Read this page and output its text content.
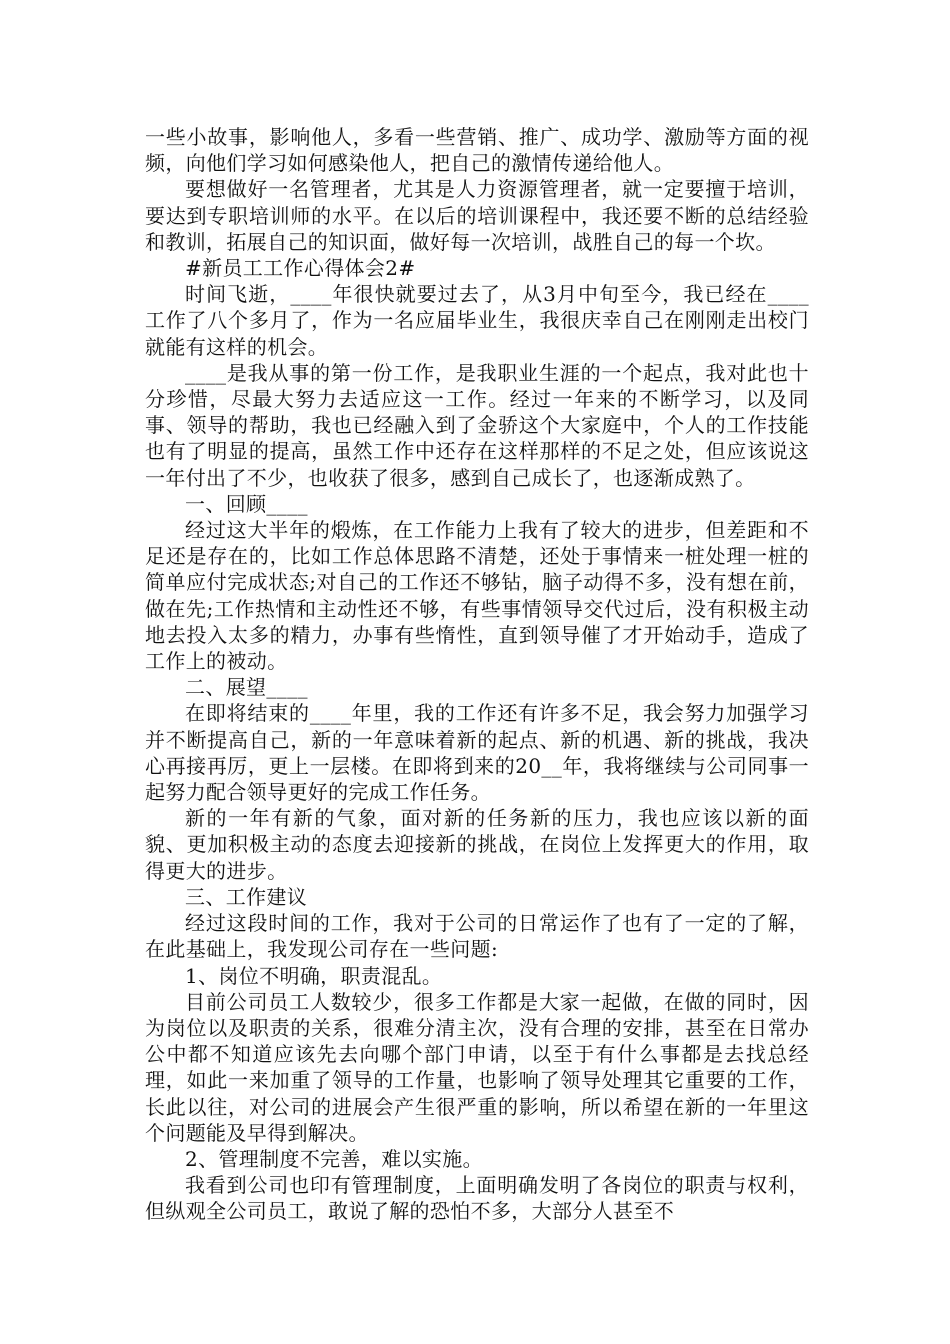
一些小故事，影响他人，多看一些营销、推广、成功学、激励等方面的视频，向他们学习如何感染他人，把自己的激情传递给他人。

要想做好一名管理者，尤其是人力资源管理者，就一定要擅于培训，要达到专职培训师的水平。在以后的培训课程中，我还要不断的总结经验和教训，拓展自己的知识面，做好每一次培训，战胜自己的每一个坎。

#新员工工作心得体会2#

时间飞逝，____年很快就要过去了，从3月中旬至今，我已经在____工作了八个多月了，作为一名应届毕业生，我很庆幸自己在刚刚走出校门就能有这样的机会。

____是我从事的第一份工作，是我职业生涯的一个起点，我对此也十分珍惜，尽最大努力去适应这一工作。经过一年来的不断学习，以及同事、领导的帮助，我也已经融入到了金骄这个大家庭中，个人的工作技能也有了明显的提高，虽然工作中还存在这样那样的不足之处，但应该说这一年付出了不少，也收获了很多，感到自己成长了，也逐渐成熟了。

一、回顾____

经过这大半年的煅炼，在工作能力上我有了较大的进步，但差距和不足还是存在的，比如工作总体思路不清楚，还处于事情来一桩处理一桩的简单应付完成状态;对自己的工作还不够钻，脑子动得不多，没有想在前，做在先;工作热情和主动性还不够，有些事情领导交代过后，没有积极主动地去投入太多的精力，办事有些惰性，直到领导催了才开始动手，造成了工作上的被动。

二、展望____

在即将结束的____年里，我的工作还有许多不足，我会努力加强学习并不断提高自己，新的一年意味着新的起点、新的机遇、新的挑战，我决心再接再厉，更上一层楼。在即将到来的20__年，我将继续与公司同事一起努力配合领导更好的完成工作任务。

新的一年有新的气象，面对新的任务新的压力，我也应该以新的面貌、更加积极主动的态度去迎接新的挑战，在岗位上发挥更大的作用，取得更大的进步。

三、工作建议

经过这段时间的工作，我对于公司的日常运作了也有了一定的了解，在此基础上，我发现公司存在一些问题:

1、岗位不明确，职责混乱。

目前公司员工人数较少，很多工作都是大家一起做，在做的同时，因为岗位以及职责的关系，很难分清主次，没有合理的安排，甚至在日常办公中都不知道应该先去向哪个部门申请，以至于有什么事都是去找总经理，如此一来加重了领导的工作量，也影响了领导处理其它重要的工作，长此以往，对公司的进展会产生很严重的影响，所以希望在新的一年里这个问题能及早得到解决。

2、管理制度不完善，难以实施。

我看到公司也印有管理制度，上面明确发明了各岗位的职责与权利，但纵观全公司员工，敢说了解的恐怕不多，大部分人甚至不
